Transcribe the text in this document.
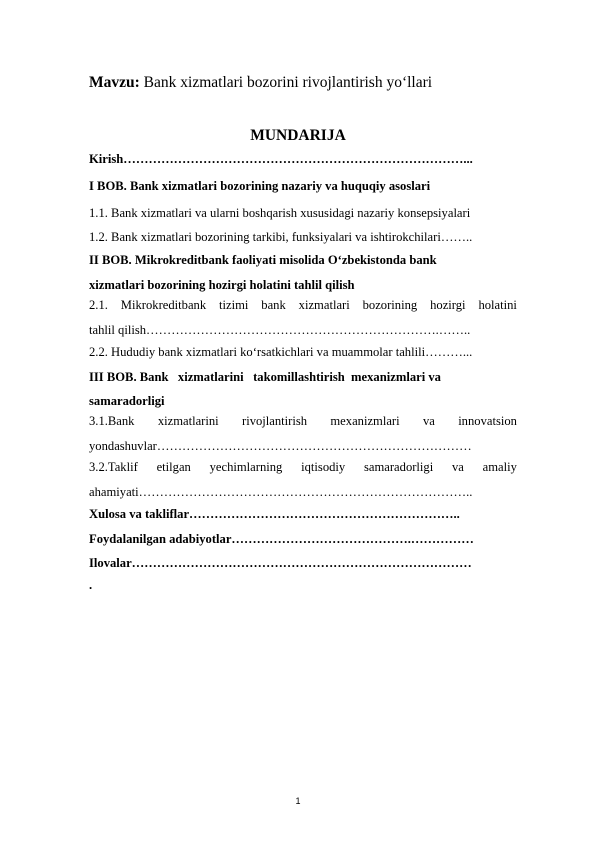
Mavzu: Bank xizmatlari bozorini rivojlantirish yo‘llari
MUNDARIJA
Kirish………………………………………………………………………...
I BOB. Bank xizmatlari bozorining nazariy va huquqiy asoslari
1.1. Bank xizmatlari va ularni boshqarish xususidagi nazariy konsepsiyalari
1.2. Bank xizmatlari bozorining tarkibi, funksiyalari va ishtirokchilari……..
II BOB. Mikrokreditbank faoliyati misolida O‘zbekistonda bank
xizmatlari bozorining hozirgi holatini tahlil qilish
2.1. Mikrokreditbank tizimi bank xizmatlari bozorining hozirgi holatini
tahlil qilish…………………………………………………………….……..
2.2. Hududiy bank xizmatlari ko‘rsatkichlari va muammolar tahlili………...
III BOB. Bank   xizmatlarini   takomillashtirish  mexanizmlari va
samaradorligi
3.1.Bank xizmatlarini rivojlantirish mexanizmlari va innovatsion
yondashuvlar…………………………………………………………………
3.2.Taklif etilgan yechimlarning iqtisodiy samaradorligi va amaliy
ahamiyati……………………………………………………………………..
Xulosa va takliflar………………………………………………………..
Foydalanilgan adabiyotlar…………………………………….……………
Ilovalar………………………………………………………………………
.
1
